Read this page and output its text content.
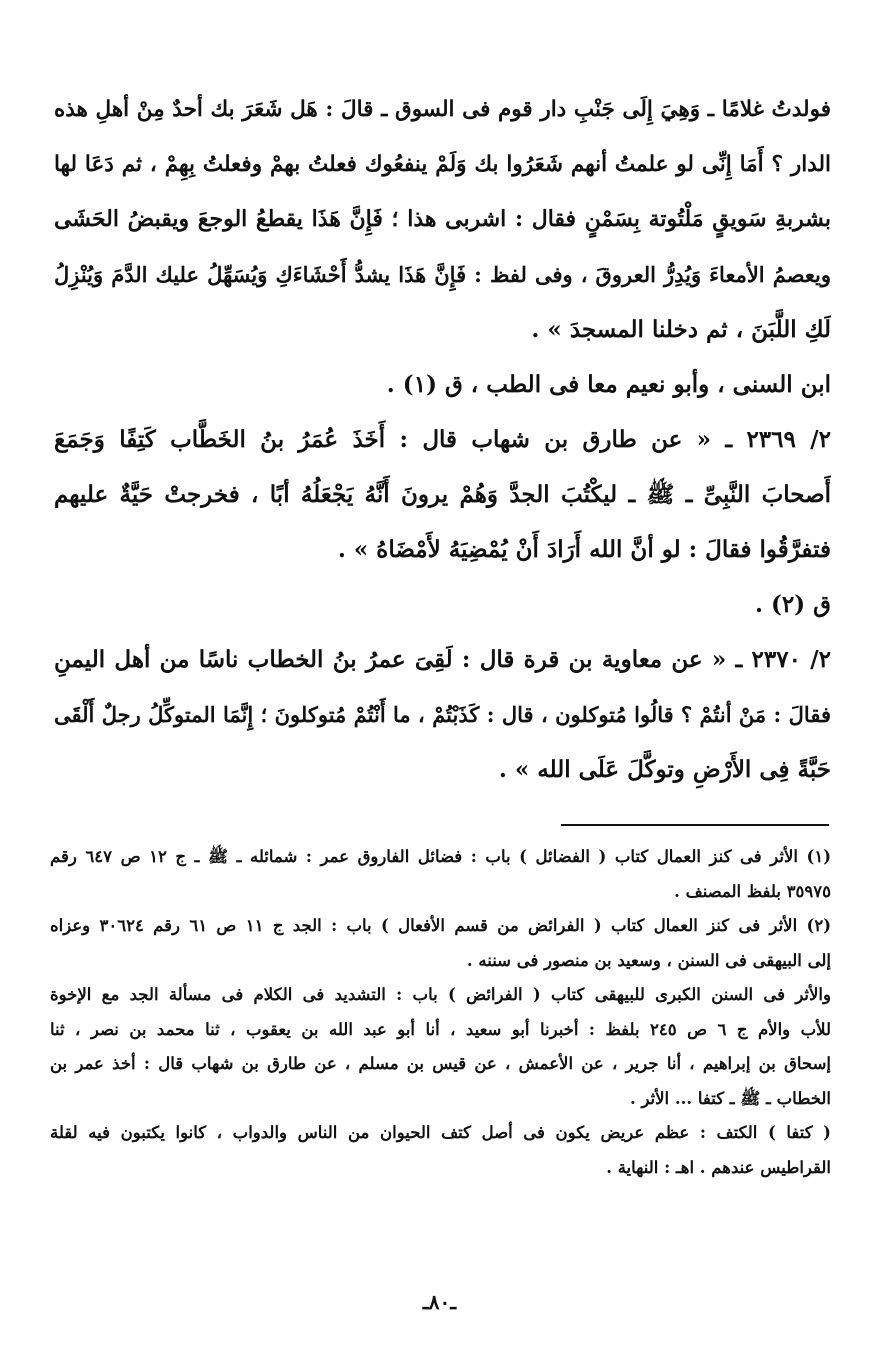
فولدتُ غلامًا ـ وَهِيَ إِلَى جَنْبِ دار قوم فى السوق ـ قالَ : هَل شَعَرَ بك أحدٌ مِنْ أهلِ هذه
الدار ؟ أَمَا إِنِّى لو علمتُ أنهم شَعَرُوا بك وَلَمْ ينفعُوك فعلتُ بهمْ وفعلتُ بِهِمْ ، ثم دَعَا لها
بشربةِ سَويقٍ مَلْتُوتة بِسَمْنٍ فقال : اشربى هذا ؛ فَإِنَّ هَذَا يقطعُ الوجعَ ويقبضُ الحَشَى
ويعصمُ الأمعاءَ وَيُدِرُّ العروقَ ، وفى لفظ : فَإِنَّ هَذَا يشدُّ أَحْشَاءَكِ وَيُسَهِّلُ عليك الدَّمَ وَيُنْزِلُ
لَكِ اللَّبَنَ ، ثم دخلنا المسجدَ » .
ابن السنى ، وأبو نعيم معا فى الطب ، ق (١) .
٢/ ٢٣٦٩ ـ « عن طارق بن شهاب قال : أَخَذَ عُمَرُ بنُ الخَطَّاب كَتِفًا وَجَمَعَ
أَصحابَ النَّبِىِّ ـ ﷺ ـ ليكْتُبَ الجدَّ وَهُمْ يرونَ أَنَّهُ يَجْعَلُهُ أبًا ، فخرجتْ حَيَّةٌ عليهم
فتفرَّقُوا فقالَ : لو أنَّ الله أَرَادَ أَنْ يُمْضِيَهُ لأَمْضَاهُ » .
ق (٢) .
٢/ ٢٣٧٠ ـ « عن معاوية بن قرة قال : لَقِىَ عمرُ بنُ الخطاب ناسًا من أهل اليمنِ
فقالَ : مَنْ أنتُمْ ؟ قالُوا مُتوكلون ، قال : كَذَبْتُمْ ، ما أَنْتُمْ مُتوكلونَ ؛ إِنَّمَا المتوكِّلُ رجلٌ أَلْقَى
حَبَّةً فِى الأَرْضِ وتوكَّلَ عَلَى الله » .
(١) الأثر فى كنز العمال كتاب ( الفضائل ) باب : فضائل الفاروق عمر : شمائله ـ ﷺ ـ ج ١٢ ص ٦٤٧ رقم
٣٥٩٧٥ بلفظ المصنف .
(٢) الأثر فى كنز العمال كتاب ( الفرائض من قسم الأفعال ) باب : الجد ج ١١ ص ٦١ رقم ٣٠٦٢٤ وعزاه
إلى البيهقى فى السنن ، وسعيد بن منصور فى سننه .
والأثر فى السنن الكبرى للبيهقى كتاب ( الفرائض ) باب : التشديد فى الكلام فى مسألة الجد مع الإخوة
للأب والأم ج ٦ ص ٢٤٥ بلفظ : أخبرنا أبو سعيد ، أنا أبو عبد الله بن يعقوب ، ثنا محمد بن نصر ، ثنا
إسحاق بن إبراهيم ، أنا جرير ، عن الأعمش ، عن قيس بن مسلم ، عن طارق بن شهاب قال : أخذ عمر بن
الخطاب ـ ﷺ ـ كتفا ... الأثر .
( كتفا ) الكتف : عظم عريض يكون فى أصل كتف الحيوان من الناس والدواب ، كانوا يكتبون فيه لقلة
القراطيس عندهم . اهـ : النهاية .
ـ٨٠ـ
